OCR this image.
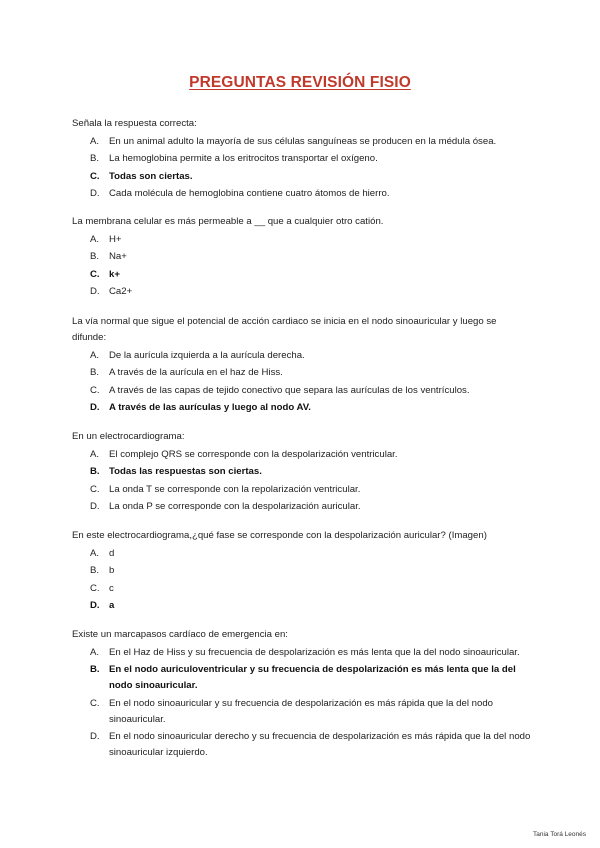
PREGUNTAS REVISIÓN FISIO

Señala la respuesta correcta:

A.	En un animal adulto la mayoría de sus células sanguíneas se producen en la médula ósea.
B.	La hemoglobina permite a los eritrocitos transportar el oxígeno.
C. Todas son ciertas.
D. Cada molécula de hemoglobina contiene cuatro átomos de hierro.

La membrana celular es más permeable a __ que a cualquier otro catión.

A.	H+
B.	Na+
C. k+
D. Ca2+

La vía normal que sigue el potencial de acción cardiaco se inicia en el nodo sinoauricular y luego se difunde:

A.	De la aurícula izquierda a la aurícula derecha.
B.	A través de la aurícula en el haz de Hiss.
C. A través de las capas de tejido conectivo que separa las aurículas de los ventrículos.
D. A través de las aurículas y luego al nodo AV.

En un electrocardiograma:

A.	El complejo QRS se corresponde con la despolarización ventricular.
B. Todas las respuestas son ciertas.
C. La onda T se corresponde con la repolarización ventricular.
D. La onda P se corresponde con la despolarización auricular.

En este electrocardiograma,¿qué fase se corresponde con la despolarización auricular? (Imagen)

A.	d
B.	b
C. c
D. a

Existe un marcapasos cardíaco de emergencia en:

A.	En el Haz de Hiss y su frecuencia de despolarización es más lenta que la del nodo sinoauricular.
B. En el nodo auriculoventricular y su frecuencia de despolarización es más lenta que la del nodo sinoauricular.
C. En el nodo sinoauricular y su frecuencia de despolarización es más rápida que la del nodo sinoauricular.
D. En el nodo sinoauricular derecho y su frecuencia de despolarización es más rápida que la del nodo sinoauricular izquierdo.
Tania Torá Leonés
